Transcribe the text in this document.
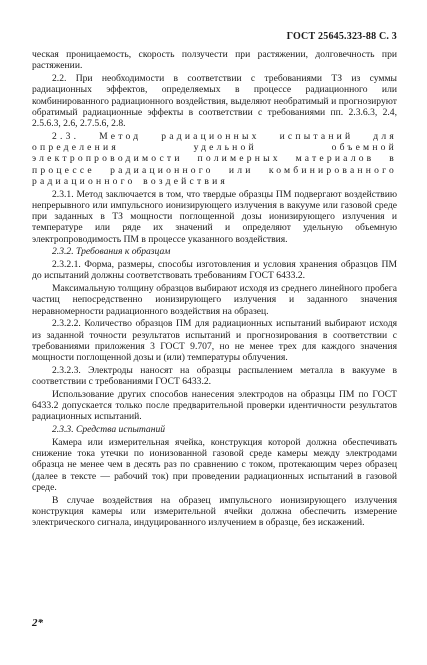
ГОСТ 25645.323-88 С. 3

ческая проницаемость, скорость ползучести при растяжении, долговечность при растяжении.

2.2. При необходимости в соответствии с требованиями ТЗ из суммы радиационных эффектов, определяемых в процессе радиационного или комбинированного радиационного воздействия, выделяют необратимый и прогнозируют обратимый радиационные эффекты в соответствии с требованиями пп. 2.3.6.3, 2.4, 2.5.6.3, 2.6, 2.7.5.6, 2.8.

2.3. Метод радиационных испытаний для определения удельной объемной электропроводимости полимерных материалов в процессе радиационного или комбинированного радиационного воздействия

2.3.1. Метод заключается в том, что твердые образцы ПМ подвергают воздействию непрерывного или импульсного ионизирующего излучения в вакууме или газовой среде при заданных в ТЗ мощности поглощенной дозы ионизирующего излучения и температуре или ряде их значений и определяют удельную объемную электропроводимость ПМ в процессе указанного воздействия.

2.3.2. Требования к образцам

2.3.2.1. Форма, размеры, способы изготовления и условия хранения образцов ПМ до испытаний должны соответствовать требованиям ГОСТ 6433.2.

Максимальную толщину образцов выбирают исходя из среднего линейного пробега частиц непосредственно ионизирующего излучения и заданного значения неравномерности радиационного воздействия на образец.

2.3.2.2. Количество образцов ПМ для радиационных испытаний выбирают исходя из заданной точности результатов испытаний и прогнозирования в соответствии с требованиями приложения 3 ГОСТ 9.707, но не менее трех для каждого значения мощности поглощенной дозы и (или) температуры облучения.

2.3.2.3. Электроды наносят на образцы распылением металла в вакууме в соответствии с требованиями ГОСТ 6433.2.

Использование других способов нанесения электродов на образцы ПМ по ГОСТ 6433.2 допускается только после предварительной проверки идентичности результатов радиационных испытаний.

2.3.3. Средства испытаний

Камера или измерительная ячейка, конструкция которой должна обеспечивать снижение тока утечки по ионизованной газовой среде камеры между электродами образца не менее чем в десять раз по сравнению с током, протекающим через образец (далее в тексте — рабочий ток) при проведении радиационных испытаний в газовой среде.

В случае воздействия на образец импульсного ионизирующего излучения конструкция камеры или измерительной ячейки должна обеспечить измерение электрического сигнала, индуцированного излучением в образце, без искажений.

2*
